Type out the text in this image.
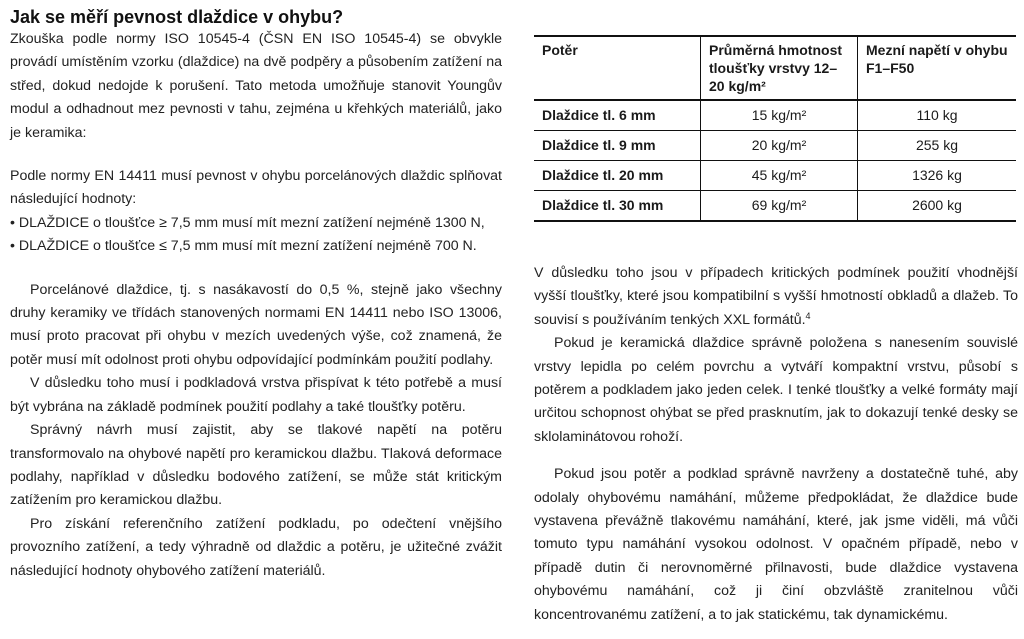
Jak se měří pevnost dlaždice v ohybu?

Zkouška podle normy ISO 10545-4 (ČSN EN ISO 10545-4) se obvykle provádí umístěním vzorku (dlaždice) na dvě podpěry a působením zatížení na střed, dokud nedojde k porušení. Tato metoda umožňuje stanovit Youngův modul a odhadnout mez pevnosti v tahu, zejména u křehkých materiálů, jako je keramika:

Podle normy EN 14411 musí pevnost v ohybu porcelánových dlaždic splňovat následující hodnoty:

• DLAŽDICE o tloušťce ≥ 7,5 mm musí mít mezní zatížení nejméně 1300 N,
• DLAŽDICE o tloušťce ≤ 7,5 mm musí mít mezní zatížení nejméně 700 N.

Porcelánové dlaždice, tj. s nasákavostí do 0,5 %, stejně jako všechny druhy keramiky ve třídách stanovených normami EN 14411 nebo ISO 13006, musí proto pracovat při ohybu v mezích uvedených výše, což znamená, že potěr musí mít odolnost proti ohybu odpovídající podmínkám použití podlahy.

V důsledku toho musí i podkladová vrstva přispívat k této potřebě a musí být vybrána na základě podmínek použití podlahy a také tloušťky potěru.

Správný návrh musí zajistit, aby se tlakové napětí na potěru transformovalo na ohybové napětí pro keramickou dlažbu. Tlaková deformace podlahy, například v důsledku bodového zatížení, se může stát kritickým zatížením pro keramickou dlažbu.

Pro získání referenčního zatížení podkladu, po odečtení vnějšího provozního zatížení, a tedy výhradně od dlaždic a potěru, je užitečné zvážit následující hodnoty ohybového zatížení materiálů.

Potěr	Průměrná hmotnost tloušťky vrstvy 12–20 kg/m²	Mezní napětí v ohybu F1–F50
Dlaždice tl. 6 mm	15 kg/m²	110 kg
Dlaždice tl. 9 mm	20 kg/m²	255 kg
Dlaždice tl. 20 mm	45 kg/m²	1326 kg
Dlaždice tl. 30 mm	69 kg/m²	2600 kg

V důsledku toho jsou v případech kritických podmínek použití vhodnější vyšší tloušťky, které jsou kompatibilní s vyšší hmotností obkladů a dlažeb. To souvisí s používáním tenkých XXL formátů.$^4$

Pokud je keramická dlaždice správně položena s nanesením souvislé vrstvy lepidla po celém povrchu a vytváří kompaktní vrstvu, působí s potěrem a podkladem jako jeden celek. I tenké tloušťky a velké formáty mají určitou schopnost ohýbat se před prasknutím, jak to dokazují tenké desky se sklolaminátovou rohoží.

Pokud jsou potěr a podklad správně navrženy a dostatečně tuhé, aby odolaly ohybovému namáhání, můžeme předpokládat, že dlaždice bude vystavena převážně tlakovému namáhání, které, jak jsme viděli, má vůči tomuto typu namáhání vysokou odolnost. V opačném případě, nebo v případě dutin či nerovnoměrné přilnavosti, bude dlaždice vystavena ohybovému namáhání, což ji činí obzvláště zranitelnou vůči koncentrovanému zatížení, a to jak statickému, tak dynamickému.
